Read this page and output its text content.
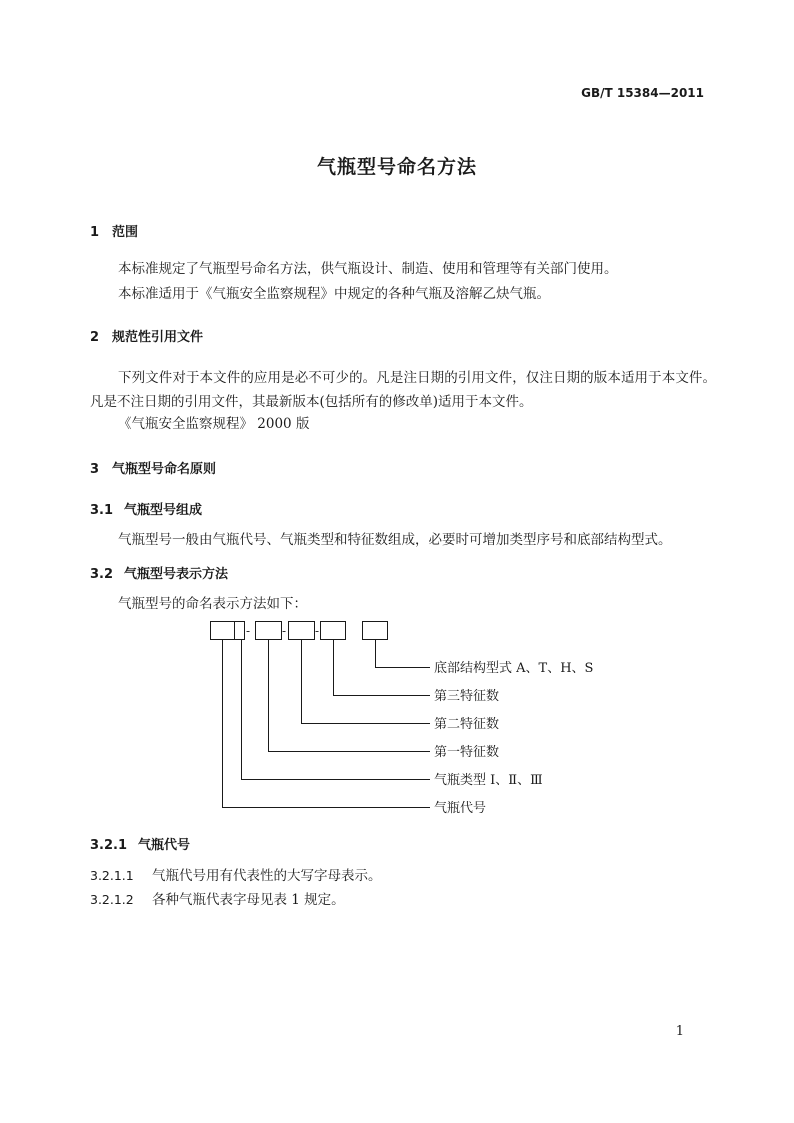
GB/T 15384—2011
气瓶型号命名方法
1 范围
本标准规定了气瓶型号命名方法，供气瓶设计、制造、使用和管理等有关部门使用。
本标准适用于《气瓶安全监察规程》中规定的各种气瓶及溶解乙炔气瓶。
2 规范性引用文件
下列文件对于本文件的应用是必不可少的。凡是注日期的引用文件，仅注日期的版本适用于本文件。凡是不注日期的引用文件，其最新版本(包括所有的修改单)适用于本文件。
《气瓶安全监察规程》 2000 版
3 气瓶型号命名原则
3.1 气瓶型号组成
气瓶型号一般由气瓶代号、气瓶类型和特征数组成，必要时可增加类型序号和底部结构型式。
3.2 气瓶型号表示方法
气瓶型号的命名表示方法如下：
-	- -
底部结构型式 A、T、H、S
第三特征数
第二特征数
第一特征数
气瓶类型 Ⅰ、Ⅱ、Ⅲ
气瓶代号
3.2.1 气瓶代号
3.2.1.1 气瓶代号用有代表性的大写字母表示。
3.2.1.2 各种气瓶代表字母见表 1 规定。
1
